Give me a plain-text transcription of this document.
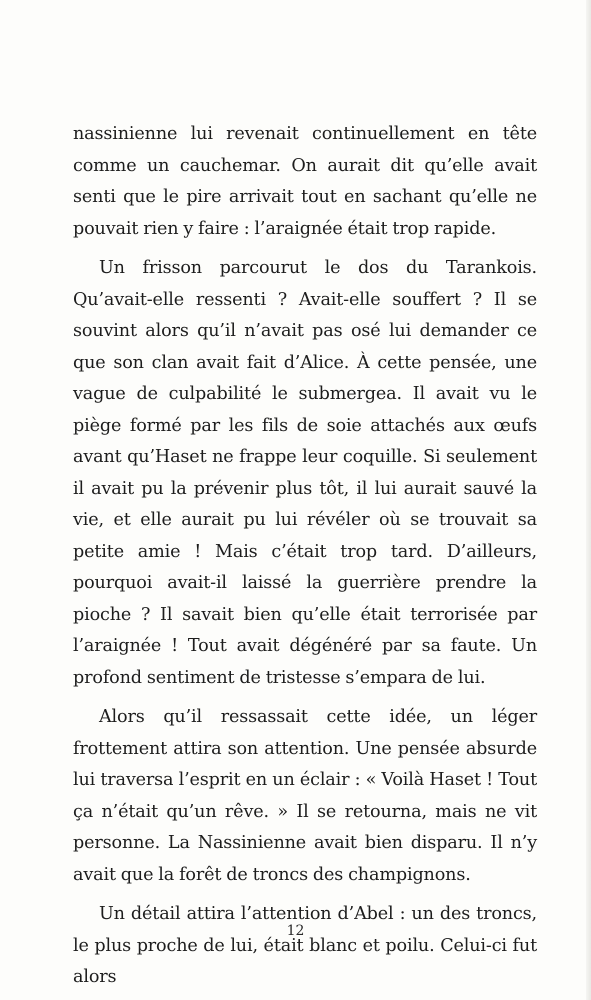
nassinienne lui revenait continuellement en tête comme un cauchemar. On aurait dit qu’elle avait senti que le pire arrivait tout en sachant qu’elle ne pouvait rien y faire : l’araignée était trop rapide.

Un frisson parcourut le dos du Tarankois. Qu’avait-elle ressenti ? Avait-elle souffert ? Il se souvint alors qu’il n’avait pas osé lui demander ce que son clan avait fait d’Alice. À cette pensée, une vague de culpabilité le submergea. Il avait vu le piège formé par les fils de soie attachés aux œufs avant qu’Haset ne frappe leur coquille. Si seulement il avait pu la prévenir plus tôt, il lui aurait sauvé la vie, et elle aurait pu lui révéler où se trouvait sa petite amie ! Mais c’était trop tard. D’ailleurs, pourquoi avait-il laissé la guerrière prendre la pioche ? Il savait bien qu’elle était terrorisée par l’araignée ! Tout avait dégénéré par sa faute. Un profond sentiment de tristesse s’empara de lui.

Alors qu’il ressassait cette idée, un léger frottement attira son attention. Une pensée absurde lui traversa l’esprit en un éclair : « Voilà Haset ! Tout ça n’était qu’un rêve. » Il se retourna, mais ne vit personne. La Nassinienne avait bien disparu. Il n’y avait que la forêt de troncs des champignons.

Un détail attira l’attention d’Abel : un des troncs, le plus proche de lui, était blanc et poilu. Celui-ci fut alors

12
